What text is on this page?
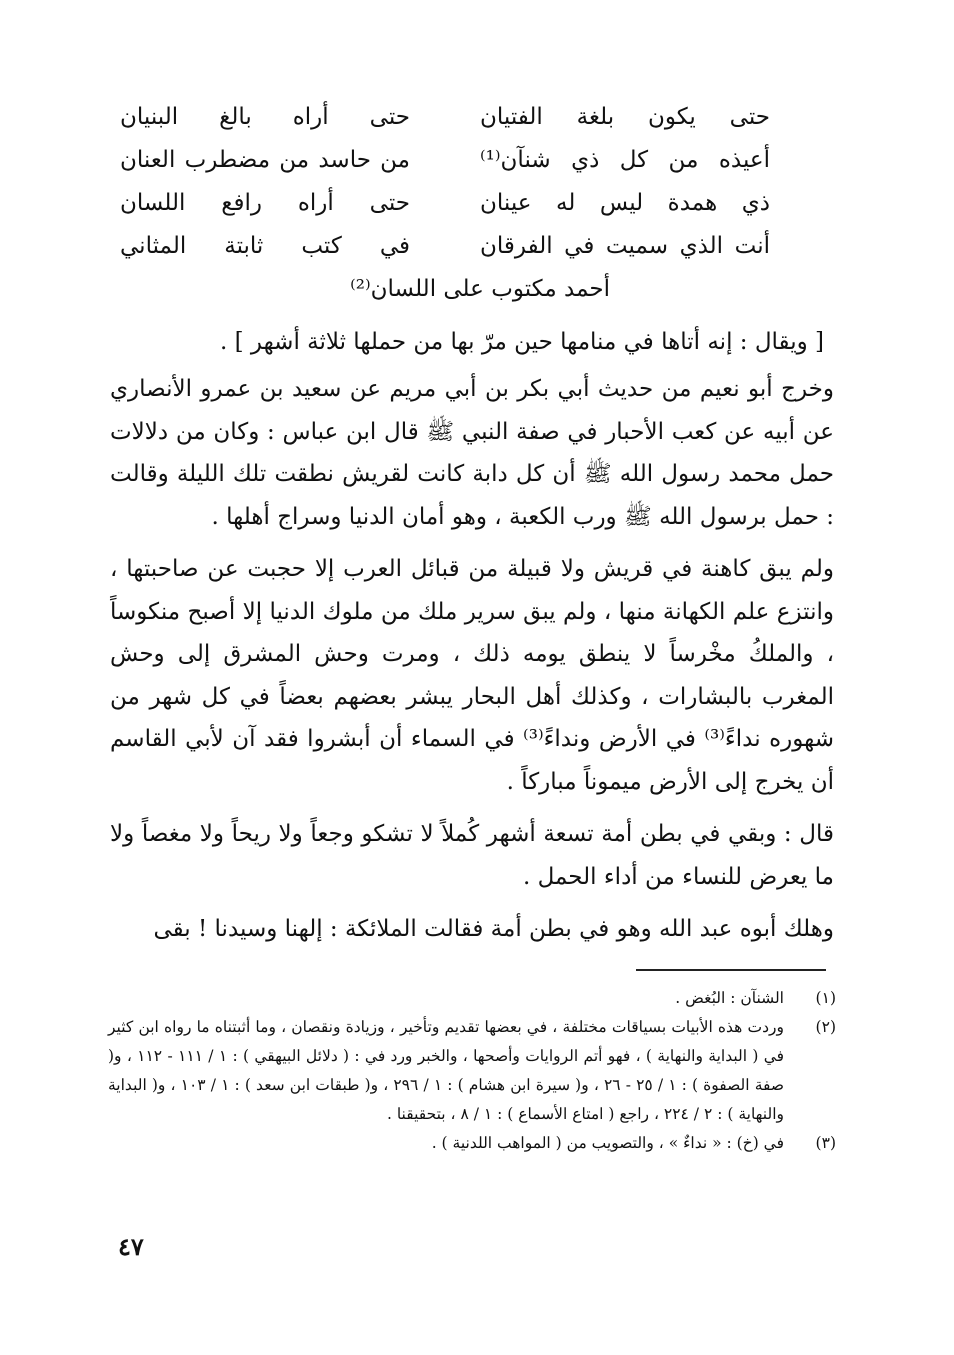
حتى يكون بلغة الفتيان
حتى أراه بالغ البنيان
أعيذه من كل ذي شنآن⁽¹⁾
من حاسد من مضطرب العنان
ذي همدة ليس له عينان
حتى أراه رافع اللسان
أنت الذي سميت في الفرقان
في كتب ثابتة المثاني
أحمد مكتوب على اللسان⁽²⁾
[ ويقال : إنه أتاها في منامها حين مرّ بها من حملها ثلاثة أشهر ] .

وخرج أبو نعيم من حديث أبي بكر بن أبي مريم عن سعيد بن عمرو الأنصاري عن أبيه عن كعب الأحبار في صفة النبي ﷺ قال ابن عباس : وكان من دلالات حمل محمد رسول الله ﷺ أن كل دابة كانت لقريش نطقت تلك الليلة وقالت : حمل برسول الله ﷺ ورب الكعبة ، وهو أمان الدنيا وسراج أهلها .

ولم يبق كاهنة في قريش ولا قبيلة من قبائل العرب إلا حجبت عن صاحبتها ، وانتزع علم الكهانة منها ، ولم يبق سرير ملك من ملوك الدنيا إلا أصبح منكوساً ، والملكُ مخْرساً لا ينطق يومه ذلك ، ومرت وحش المشرق إلى وحش المغرب بالبشارات ، وكذلك أهل البحار يبشر بعضهم بعضاً في كل شهر من شهوره نداءً⁽³⁾ في الأرض ونداءً⁽³⁾ في السماء أن أبشروا فقد آن لأبي القاسم أن يخرج إلى الأرض ميموناً مباركاً .

قال : وبقي في بطن أمة تسعة أشهر كُملاً لا تشكو وجعاً ولا ريحاً ولا مغصاً ولا ما يعرض للنساء من أداء الحمل .

وهلك أبوه عبد الله وهو في بطن أمة فقالت الملائكة : إلهنا وسيدنا ! بقى

(١)
الشنآن : البُغض .
(٢)
وردت هذه الأبيات بسياقات مختلفة ، في بعضها تقديم وتأخير ، وزيادة ونقصان ، وما أثبتناه ما رواه ابن كثير في ( البداية والنهاية ) ، فهو أتم الروايات وأصحها ، والخبر ورد في : ( دلائل البيهقي ) : ١ / ١١١ - ١١٢ ، و( صفة الصفوة ) : ١ / ٢٥ - ٢٦ ، و( سيرة ابن هشام ) : ١ / ٢٩٦ ، و( طبقات ابن سعد ) : ١ / ١٠٣ ، و( البداية والنهاية ) : ٢ / ٢٢٤ ، راجع ( امتاع الأسماع ) : ١ / ٨ ، بتحقيقنا .
(٣)
في (خ) : « نداءٌ » ، والتصويب من ( المواهب اللدنية ) .
٤٧
